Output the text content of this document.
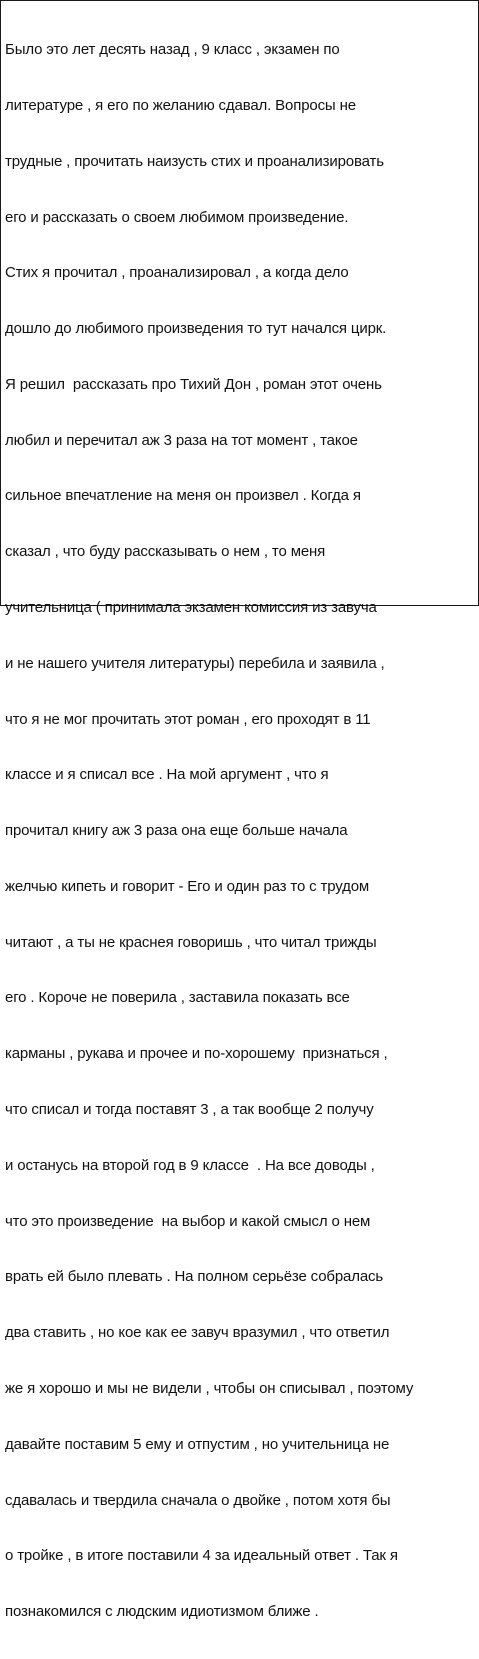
Было это лет десять назад , 9 класс , экзамен по

литературе , я его по желанию сдавал. Вопросы не

трудные , прочитать наизусть стих и проанализировать

его и рассказать о своем любимом произведение.

Стих я прочитал , проанализировал , а когда дело

дошло до любимого произведения то тут начался цирк.

Я решил  рассказать про Тихий Дон , роман этот очень

любил и перечитал аж 3 раза на тот момент , такое

сильное впечатление на меня он произвел . Когда я

сказал , что буду рассказывать о нем , то меня

учительница ( принимала экзамен комиссия из завуча

и не нашего учителя литературы) перебила и заявила ,

что я не мог прочитать этот роман , его проходят в 11

классе и я списал все . На мой аргумент , что я

прочитал книгу аж 3 раза она еще больше начала

желчью кипеть и говорит - Его и один раз то с трудом

читают , а ты не краснея говоришь , что читал трижды

его . Короче не поверила , заставила показать все

карманы , рукава и прочее и по-хорошему  признаться ,

что списал и тогда поставят 3 , а так вообще 2 получу

и останусь на второй год в 9 классе  . На все доводы ,

что это произведение  на выбор и какой смысл о нем

врать ей было плевать . На полном серьёзе собралась

два ставить , но кое как ее завуч вразумил , что ответил

же я хорошо и мы не видели , чтобы он списывал , поэтому

давайте поставим 5 ему и отпустим , но учительница не

сдавалась и твердила сначала о двойке , потом хотя бы

о тройке , в итоге поставили 4 за идеальный ответ . Так я

познакомился с людским идиотизмом ближе .
